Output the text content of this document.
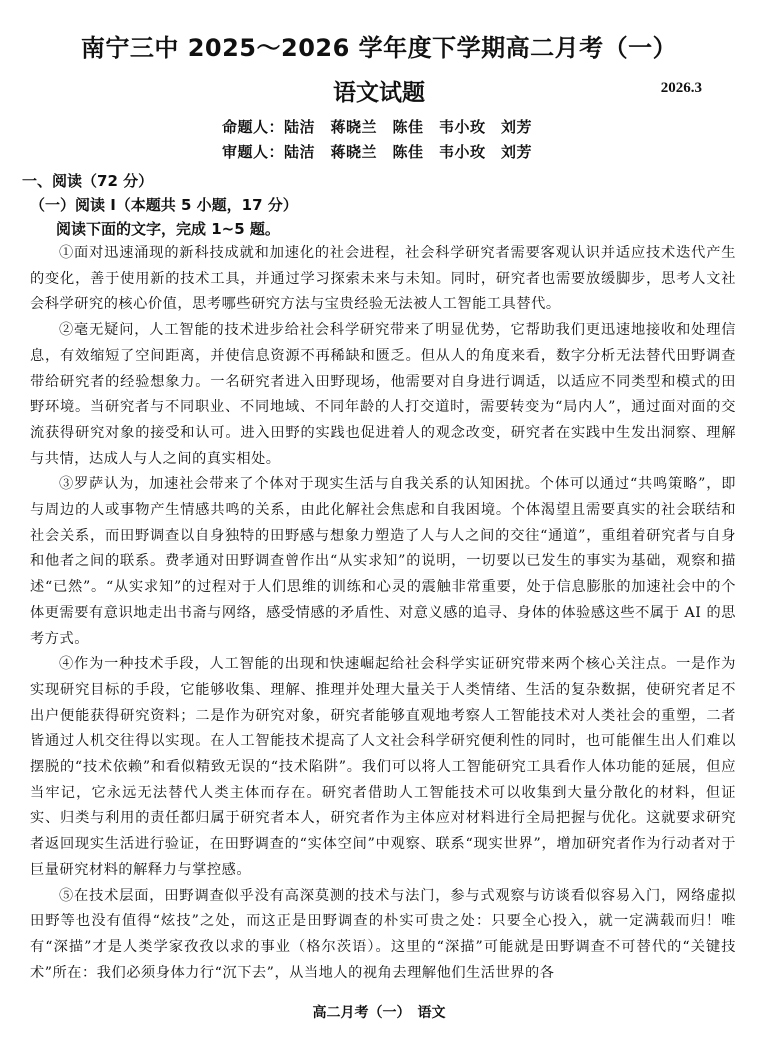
南宁三中 2025～2026 学年度下学期高二月考（一）
语文试题	2026.3
命题人：陆洁　蒋晓兰　陈佳　韦小玫　刘芳
审题人：陆洁　蒋晓兰　陈佳　韦小玫　刘芳
一、阅读（72 分）
（一）阅读 I（本题共 5 小题，17 分）
阅读下面的文字，完成 1~5 题。

①面对迅速涌现的新科技成就和加速化的社会进程，社会科学研究者需要客观认识并适应技术迭代产生的变化，善于使用新的技术工具，并通过学习探索未来与未知。同时，研究者也需要放缓脚步，思考人文社会科学研究的核心价值，思考哪些研究方法与宝贵经验无法被人工智能工具替代。

②毫无疑问，人工智能的技术进步给社会科学研究带来了明显优势，它帮助我们更迅速地接收和处理信息，有效缩短了空间距离，并使信息资源不再稀缺和匮乏。但从人的角度来看，数字分析无法替代田野调查带给研究者的经验想象力。一名研究者进入田野现场，他需要对自身进行调适，以适应不同类型和模式的田野环境。当研究者与不同职业、不同地域、不同年龄的人打交道时，需要转变为“局内人”，通过面对面的交流获得研究对象的接受和认可。进入田野的实践也促进着人的观念改变，研究者在实践中生发出洞察、理解与共情，达成人与人之间的真实相处。

③罗萨认为，加速社会带来了个体对于现实生活与自我关系的认知困扰。个体可以通过“共鸣策略”，即与周边的人或事物产生情感共鸣的关系，由此化解社会焦虑和自我困境。个体渴望且需要真实的社会联结和社会关系，而田野调查以自身独特的田野感与想象力塑造了人与人之间的交往“通道”，重组着研究者与自身和他者之间的联系。费孝通对田野调查曾作出“从实求知”的说明，一切要以已发生的事实为基础，观察和描述“已然”。“从实求知”的过程对于人们思维的训练和心灵的震触非常重要，处于信息膨胀的加速社会中的个体更需要有意识地走出书斋与网络，感受情感的矛盾性、对意义感的追寻、身体的体验感这些不属于 AI 的思考方式。

④作为一种技术手段，人工智能的出现和快速崛起给社会科学实证研究带来两个核心关注点。一是作为实现研究目标的手段，它能够收集、理解、推理并处理大量关于人类情绪、生活的复杂数据，使研究者足不出户便能获得研究资料；二是作为研究对象，研究者能够直观地考察人工智能技术对人类社会的重塑，二者皆通过人机交往得以实现。在人工智能技术提高了人文社会科学研究便利性的同时，也可能催生出人们难以摆脱的“技术依赖”和看似精致无误的“技术陷阱”。我们可以将人工智能研究工具看作人体功能的延展，但应当牢记，它永远无法替代人类主体而存在。研究者借助人工智能技术可以收集到大量分散化的材料，但证实、归类与利用的责任都归属于研究者本人，研究者作为主体应对材料进行全局把握与优化。这就要求研究者返回现实生活进行验证，在田野调查的“实体空间”中观察、联系“现实世界”，增加研究者作为行动者对于巨量研究材料的解释力与掌控感。

⑤在技术层面，田野调查似乎没有高深莫测的技术与法门，参与式观察与访谈看似容易入门，网络虚拟田野等也没有值得“炫技”之处，而这正是田野调查的朴实可贵之处：只要全心投入，就一定满载而归！唯有“深描”才是人类学家孜孜以求的事业（格尔茨语）。这里的“深描”可能就是田野调查不可替代的“关键技术”所在：我们必须身体力行“沉下去”，从当地人的视角去理解他们生活世界的各

高二月考（一）　语文
